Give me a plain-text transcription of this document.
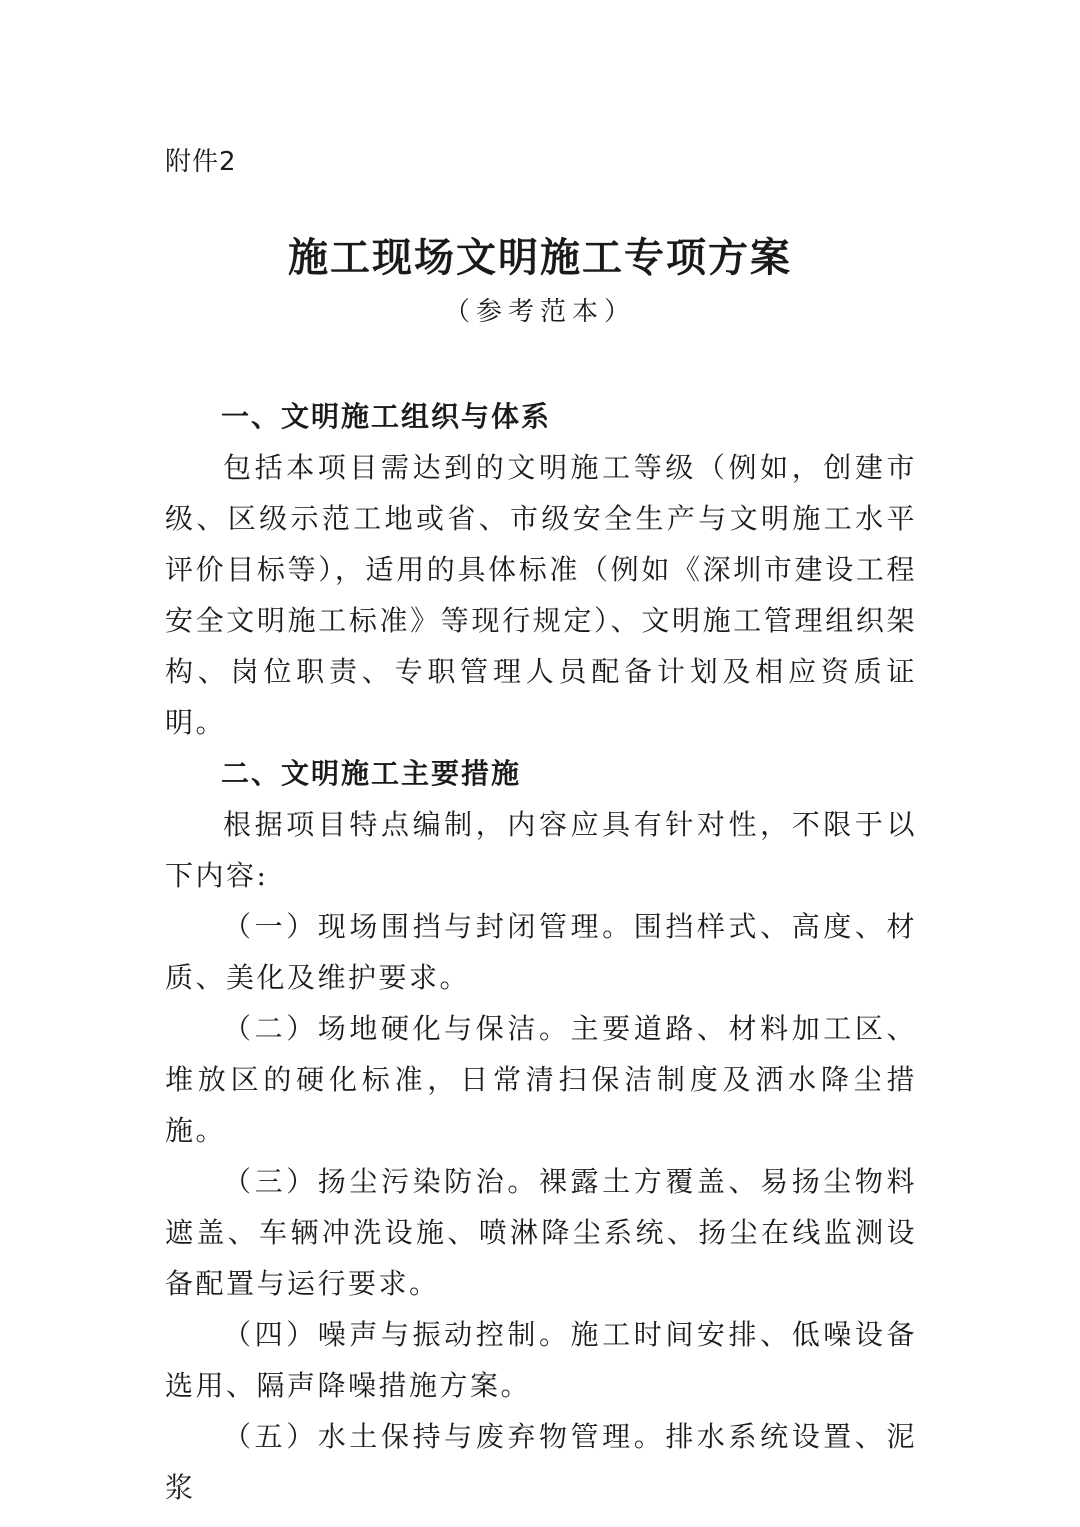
附件2
施工现场文明施工专项方案
（参考范本）
一、文明施工组织与体系

包括本项目需达到的文明施工等级（例如，创建市级、区级示范工地或省、市级安全生产与文明施工水平评价目标等），适用的具体标准（例如《深圳市建设工程安全文明施工标准》等现行规定）、文明施工管理组织架构、岗位职责、专职管理人员配备计划及相应资质证明。

二、文明施工主要措施

根据项目特点编制，内容应具有针对性，不限于以下内容:

（一）现场围挡与封闭管理。围挡样式、高度、材质、美化及维护要求。

（二）场地硬化与保洁。主要道路、材料加工区、堆放区的硬化标准，日常清扫保洁制度及洒水降尘措施。

（三）扬尘污染防治。裸露土方覆盖、易扬尘物料遮盖、车辆冲洗设施、喷淋降尘系统、扬尘在线监测设备配置与运行要求。

（四）噪声与振动控制。施工时间安排、低噪设备选用、隔声降噪措施方案。

（五）水土保持与废弃物管理。排水系统设置、泥浆
